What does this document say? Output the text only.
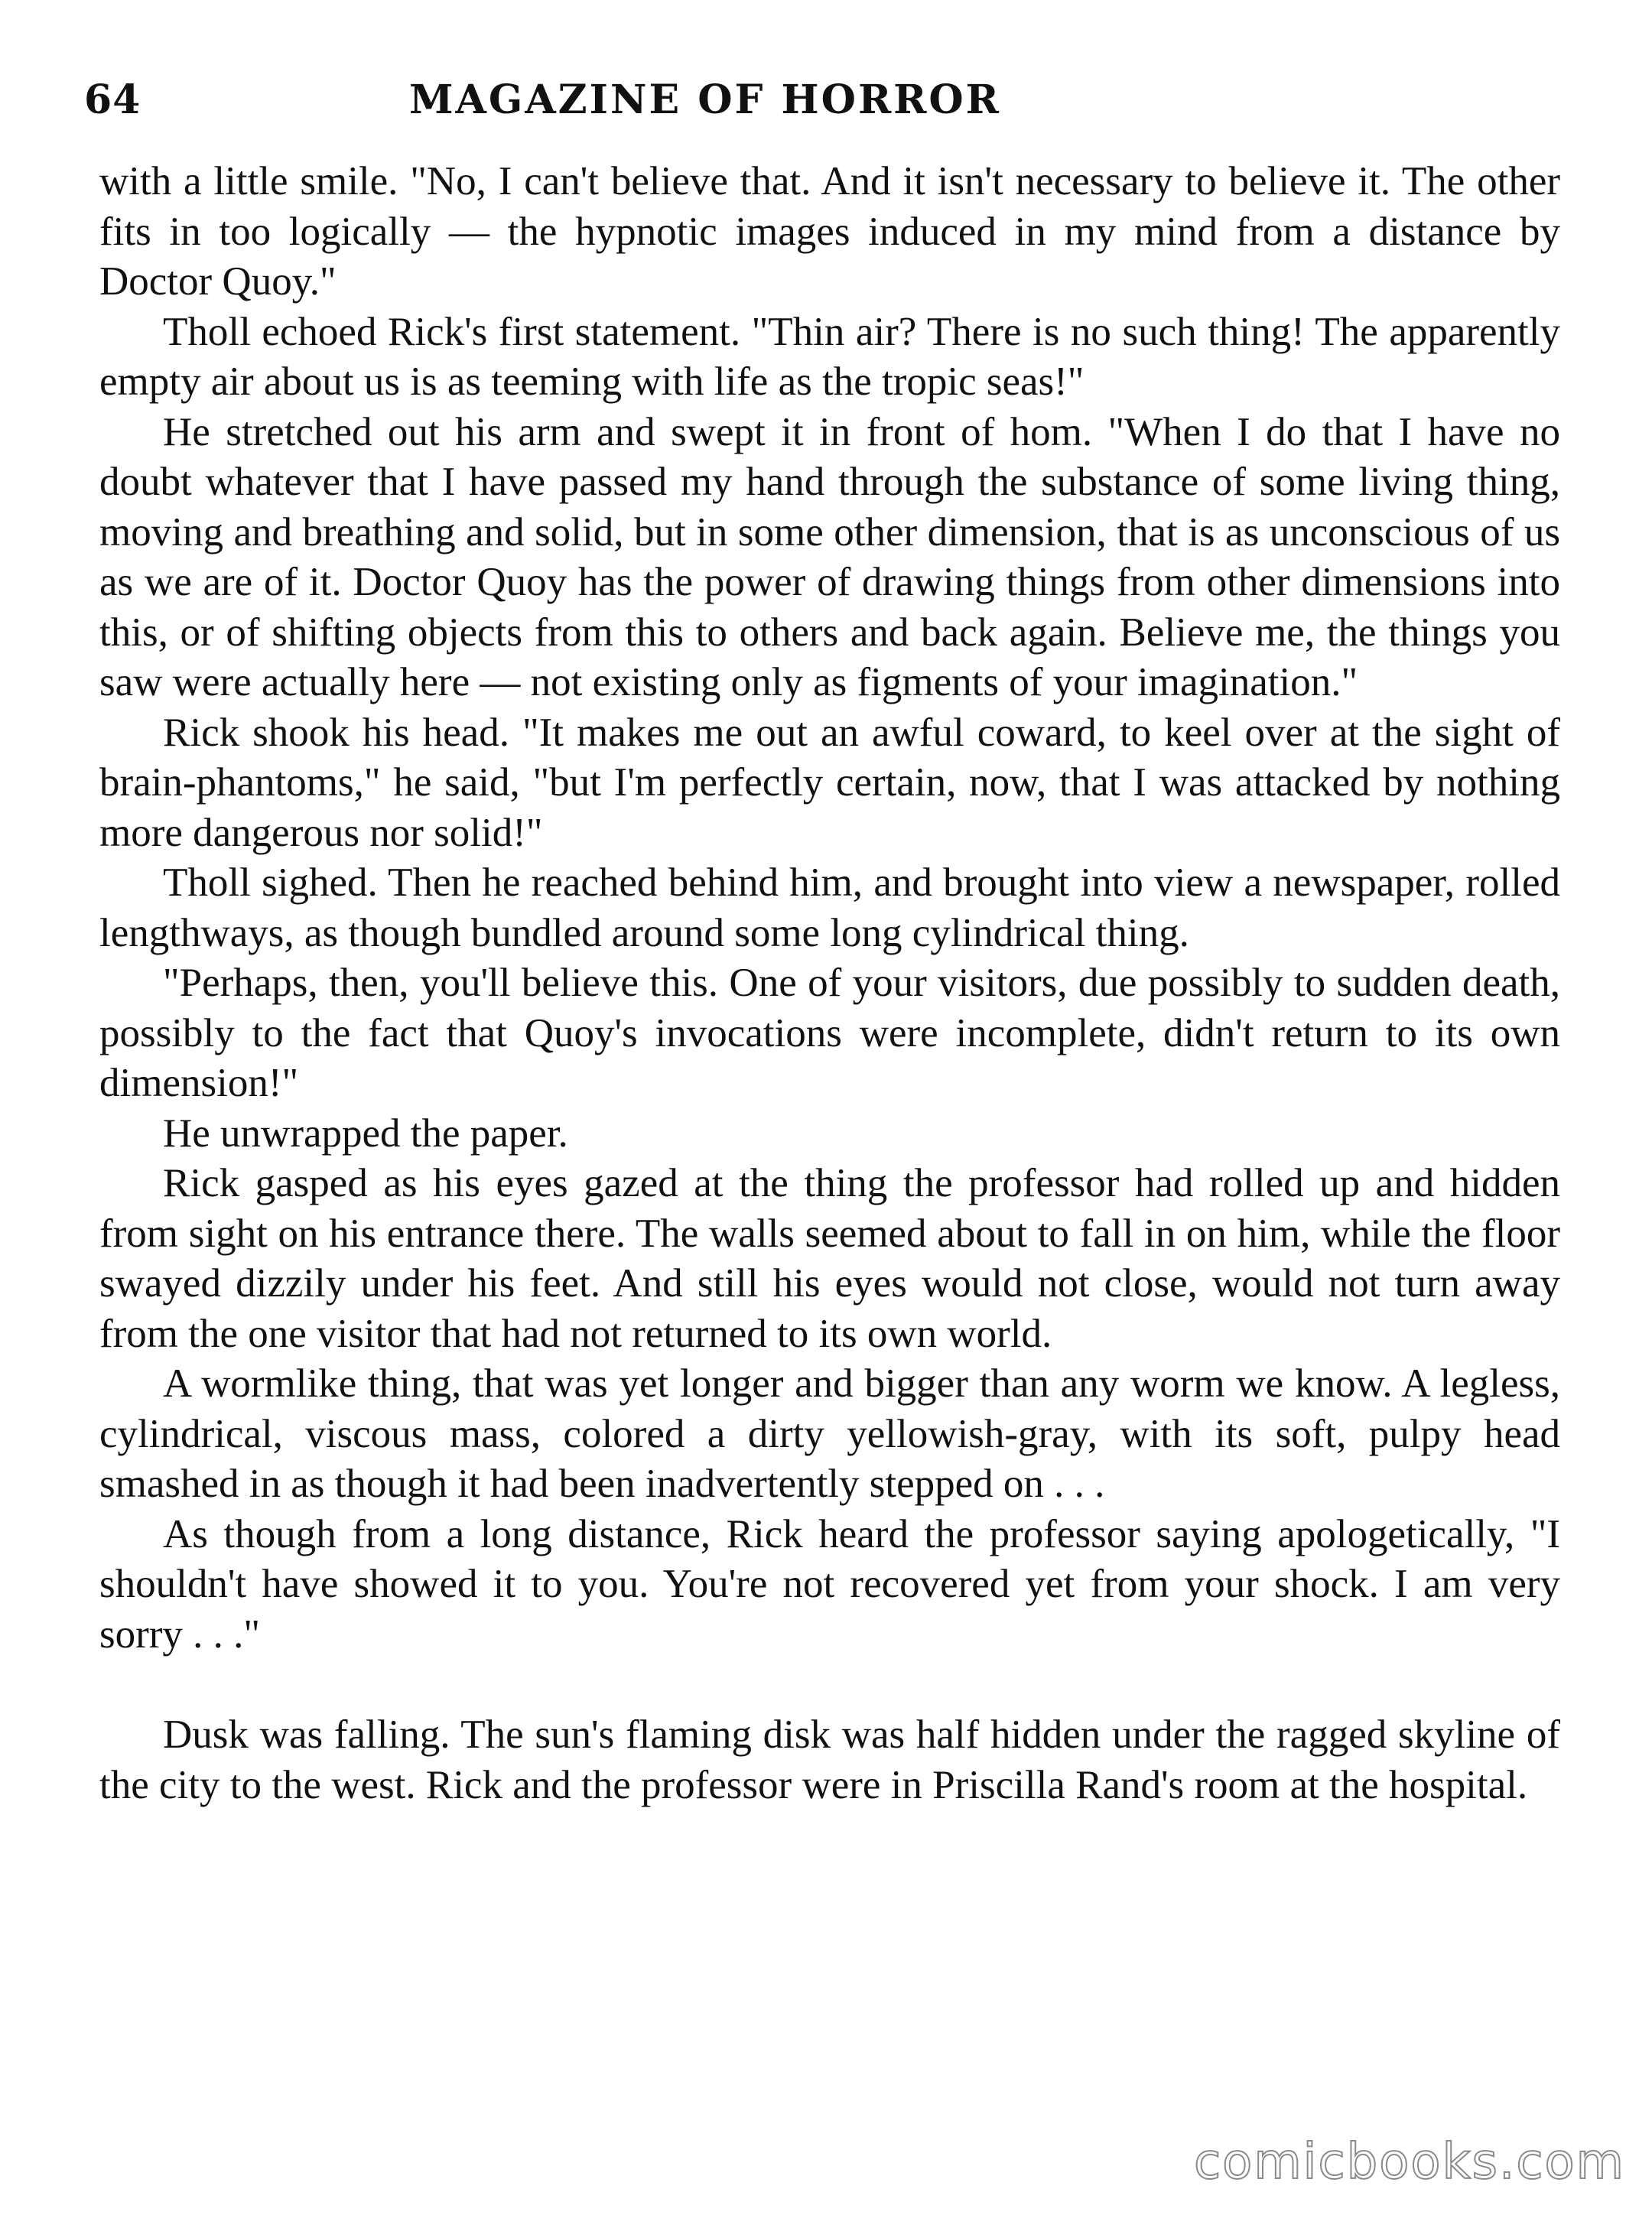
64	MAGAZINE OF HORROR

with a little smile. "No, I can't believe that. And it isn't necessary to believe it. The other fits in too logically — the hypnotic images induced in my mind from a distance by Doctor Quoy."

Tholl echoed Rick's first statement. "Thin air? There is no such thing! The apparently empty air about us is as teeming with life as the tropic seas!"

He stretched out his arm and swept it in front of hom. "When I do that I have no doubt whatever that I have passed my hand through the substance of some living thing, moving and breathing and solid, but in some other dimension, that is as unconscious of us as we are of it. Doctor Quoy has the power of drawing things from other dimensions into this, or of shifting objects from this to others and back again. Believe me, the things you saw were actually here — not existing only as figments of your imagination."

Rick shook his head. "It makes me out an awful coward, to keel over at the sight of brain-phantoms," he said, "but I'm perfectly certain, now, that I was attacked by nothing more dangerous nor solid!"

Tholl sighed. Then he reached behind him, and brought into view a newspaper, rolled lengthways, as though bundled around some long cylindrical thing.

"Perhaps, then, you'll believe this. One of your visitors, due possibly to sudden death, possibly to the fact that Quoy's invocations were incomplete, didn't return to its own dimension!"

He unwrapped the paper.

Rick gasped as his eyes gazed at the thing the professor had rolled up and hidden from sight on his entrance there. The walls seemed about to fall in on him, while the floor swayed dizzily under his feet. And still his eyes would not close, would not turn away from the one visitor that had not returned to its own world.

A wormlike thing, that was yet longer and bigger than any worm we know. A legless, cylindrical, viscous mass, colored a dirty yellowish-gray, with its soft, pulpy head smashed in as though it had been inadvertently stepped on . . .

As though from a long distance, Rick heard the professor saying apologetically, "I shouldn't have showed it to you. You're not recovered yet from your shock. I am very sorry . . ."

Dusk was falling. The sun's flaming disk was half hidden under the ragged skyline of the city to the west. Rick and the professor were in Priscilla Rand's room at the hospital.

comicbooks.com
